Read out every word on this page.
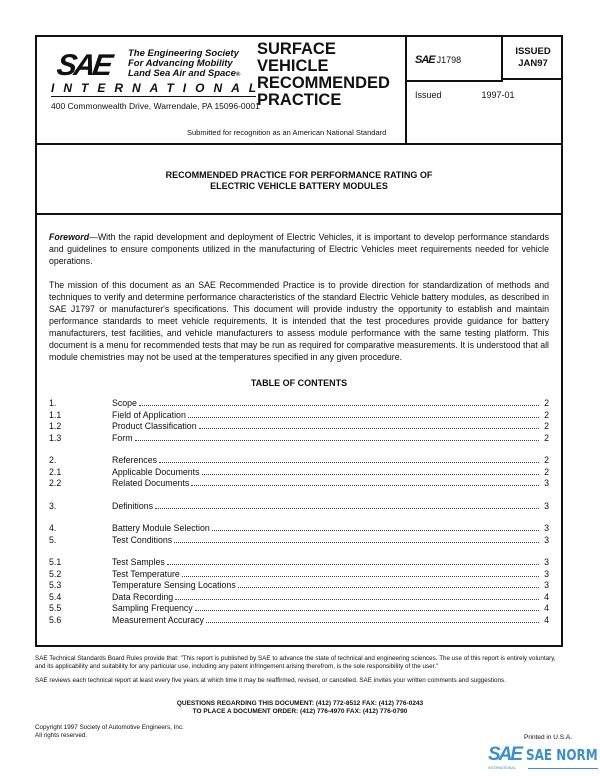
SAE The Engineering Society
For Advancing Mobility
Land Sea Air and Space®
INTERNATIONAL
400 Commonwealth Drive, Warrendale, PA 15096-0001
SURFACE
VEHICLE
RECOMMENDED
PRACTICE
Submitted for recognition as an American National Standard
SAE J1798
ISSUED
JAN97
Issued	1997-01
RECOMMENDED PRACTICE FOR PERFORMANCE RATING OF
ELECTRIC VEHICLE BATTERY MODULES

Foreword—With the rapid development and deployment of Electric Vehicles, it is important to develop performance standards and guidelines to ensure components utilized in the manufacturing of Electric Vehicles meet requirements needed for vehicle operations.

The mission of this document as an SAE Recommended Practice is to provide direction for standardization of methods and techniques to verify and determine performance characteristics of the standard Electric Vehicle battery modules, as described in SAE J1797 or manufacturer's specifications. This document will provide industry the opportunity to establish and maintain performance standards to meet vehicle requirements. It is intended that the test procedures provide guidance for battery manufacturers, test facilities, and vehicle manufacturers to assess module performance with the same testing platform. This document is a menu for recommended tests that may be run as required for comparative measurements. It is understood that all module chemistries may not be used at the temperatures specified in any given procedure.

TABLE OF CONTENTS
1.	Scope	2
1.1	Field of Application	2
1.2	Product Classification	2
1.3	Form	2
2.	References	2
2.1	Applicable Documents	2
2.2	Related Documents	3
3.	Definitions	3
4.	Battery Module Selection	3
5.	Test Conditions	3
5.1	Test Samples	3
5.2	Test Temperature	3
5.3	Temperature Sensing Locations	3
5.4	Data Recording	4
5.5	Sampling Frequency	4
5.6	Measurement Accuracy	4

SAE Technical Standards Board Rules provide that: "This report is published by SAE to advance the state of technical and engineering sciences. The use of this report is entirely voluntary, and its applicability and suitability for any particular use, including any patent infringement arising therefrom, is the sole responsibility of the user."

SAE reviews each technical report at least every five years at which time it may be reaffirmed, revised, or cancelled. SAE invites your written comments and suggestions.

QUESTIONS REGARDING THIS DOCUMENT: (412) 772-8512 FAX: (412) 776-0243
TO PLACE A DOCUMENT ORDER: (412) 776-4970 FAX: (412) 776-0790
Copyright 1997 Society of Automotive Engineers, Inc.
All rights reserved.	Printed in U.S.A.
SAE SAE NORM
INTERNATIONAL
